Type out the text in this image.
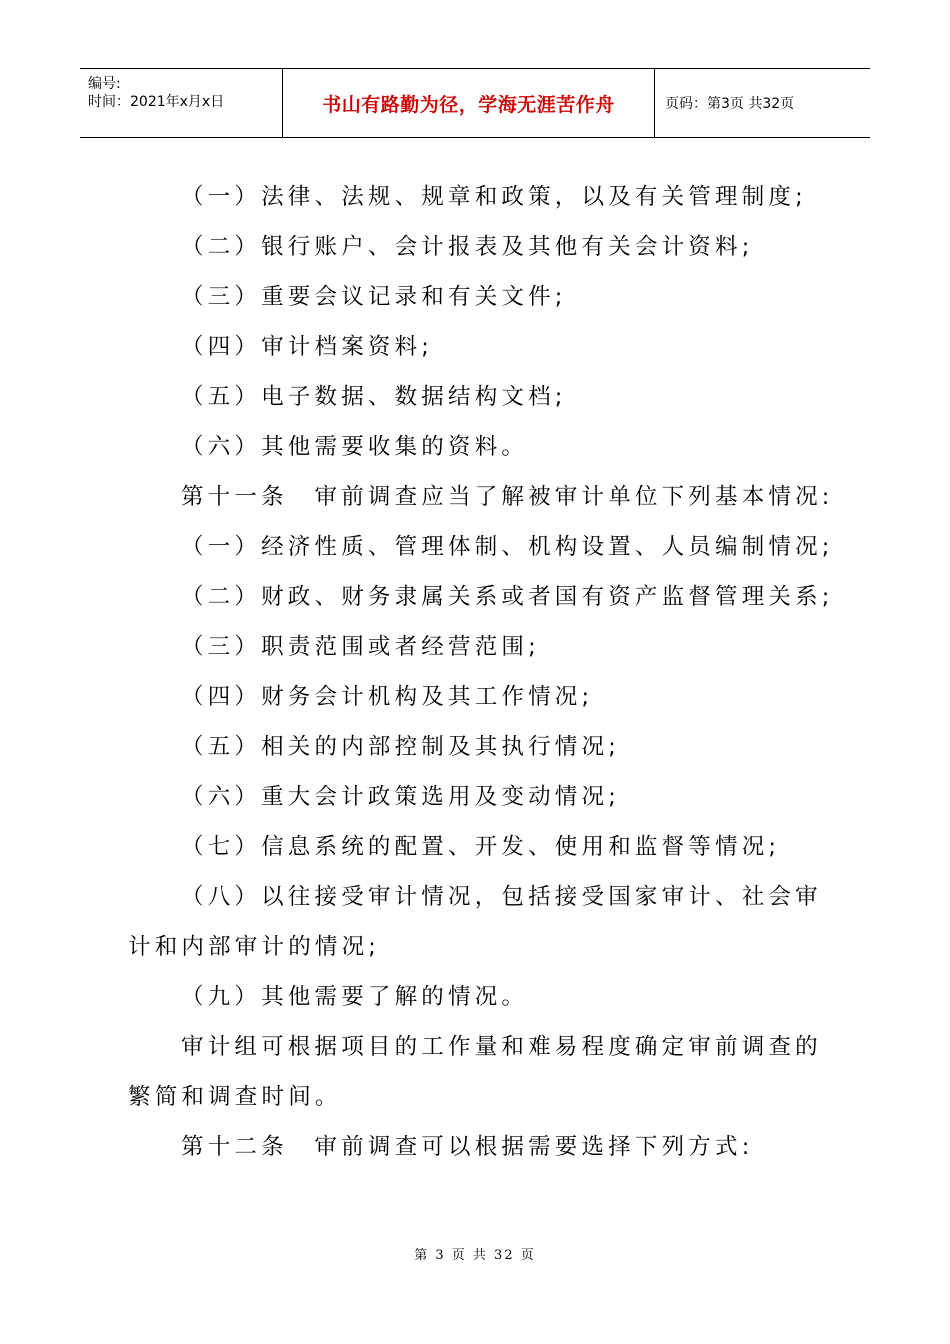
编号:
时间：2021年x月x日	书山有路勤为径，学海无涯苦作舟	页码：第3页 共32页

（一）法律、法规、规章和政策，以及有关管理制度;

（二）银行账户、会计报表及其他有关会计资料;

（三）重要会议记录和有关文件;

（四）审计档案资料;

（五）电子数据、数据结构文档;

（六）其他需要收集的资料。

第十一条　审前调查应当了解被审计单位下列基本情况:

（一）经济性质、管理体制、机构设置、人员编制情况;

（二）财政、财务隶属关系或者国有资产监督管理关系;

（三）职责范围或者经营范围;

（四）财务会计机构及其工作情况;

（五）相关的内部控制及其执行情况;

（六）重大会计政策选用及变动情况;

（七）信息系统的配置、开发、使用和监督等情况;

（八）以往接受审计情况，包括接受国家审计、社会审计和内部审计的情况;

（九）其他需要了解的情况。

审计组可根据项目的工作量和难易程度确定审前调查的繁简和调查时间。

第十二条　审前调查可以根据需要选择下列方式:

第 3 页 共 32 页
